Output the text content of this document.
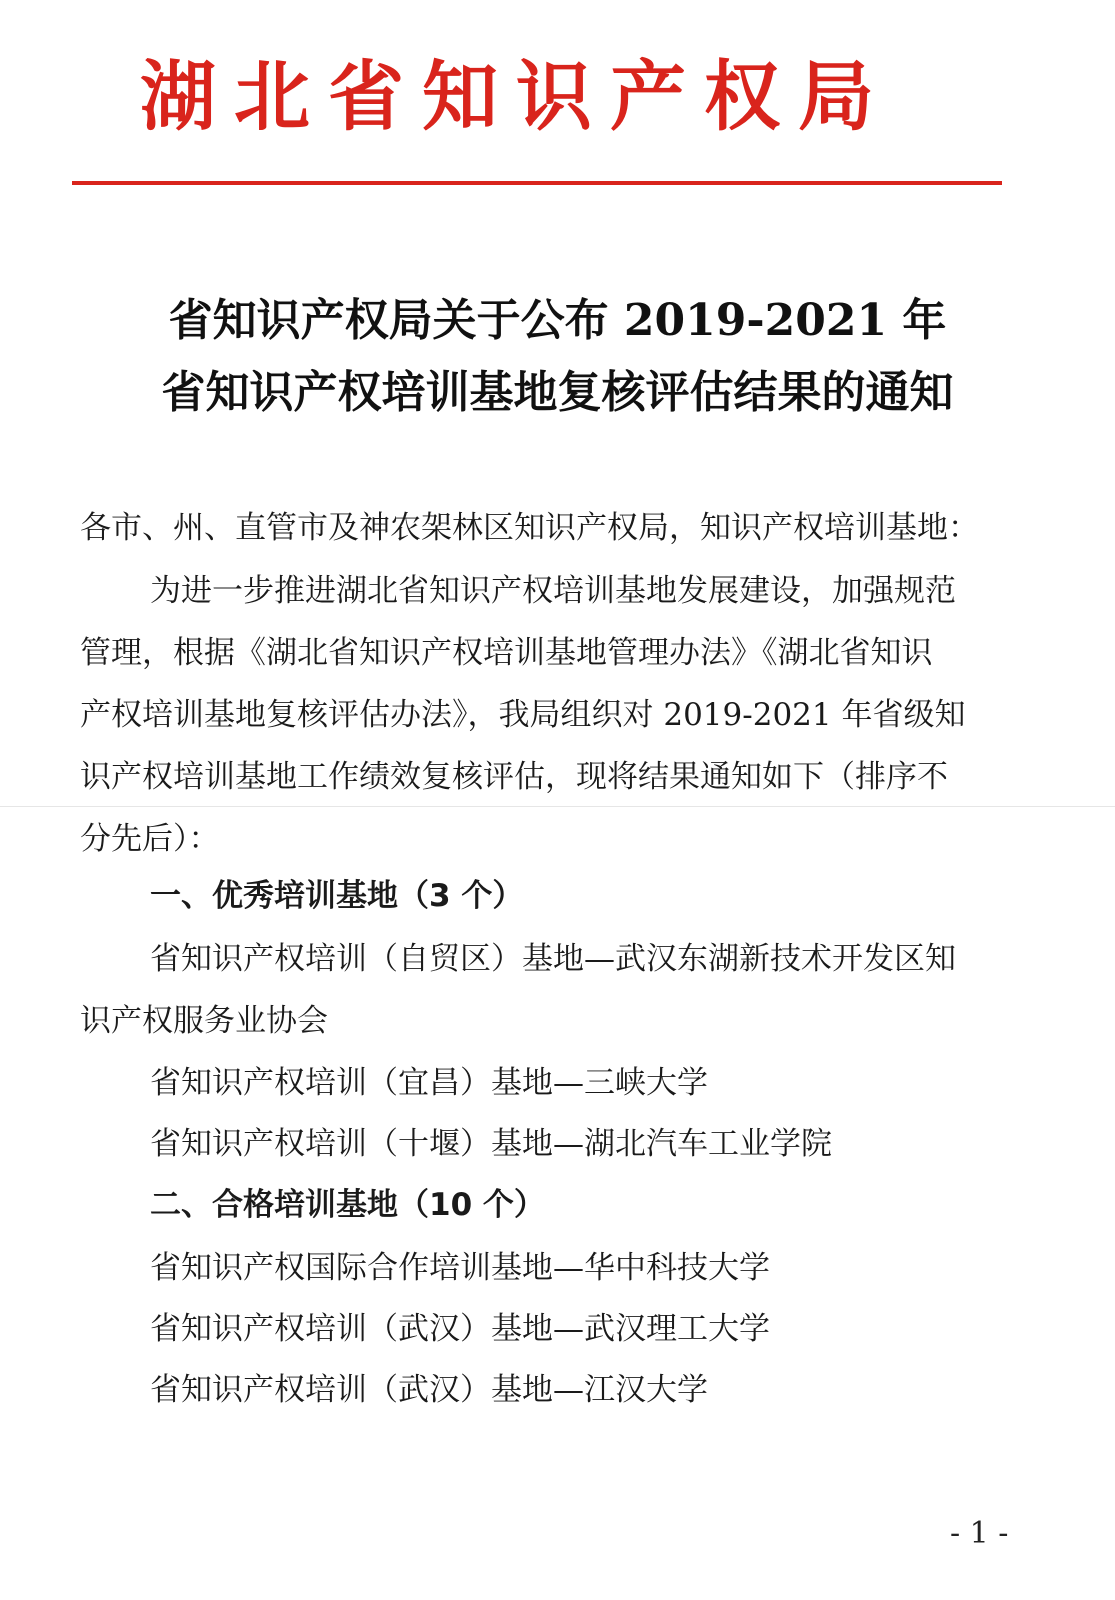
湖北省知识产权局
省知识产权局关于公布 2019-2021 年
省知识产权培训基地复核评估结果的通知
各市、州、直管市及神农架林区知识产权局，知识产权培训基地：
为进一步推进湖北省知识产权培训基地发展建设，加强规范
管理，根据《湖北省知识产权培训基地管理办法》《湖北省知识
产权培训基地复核评估办法》，我局组织对 2019-2021 年省级知
识产权培训基地工作绩效复核评估，现将结果通知如下（排序不
分先后）：
一、优秀培训基地（3 个）
省知识产权培训（自贸区）基地—武汉东湖新技术开发区知
识产权服务业协会
省知识产权培训（宜昌）基地—三峡大学
省知识产权培训（十堰）基地—湖北汽车工业学院
二、合格培训基地（10 个）
省知识产权国际合作培训基地—华中科技大学
省知识产权培训（武汉）基地—武汉理工大学
省知识产权培训（武汉）基地—江汉大学
- 1 -
